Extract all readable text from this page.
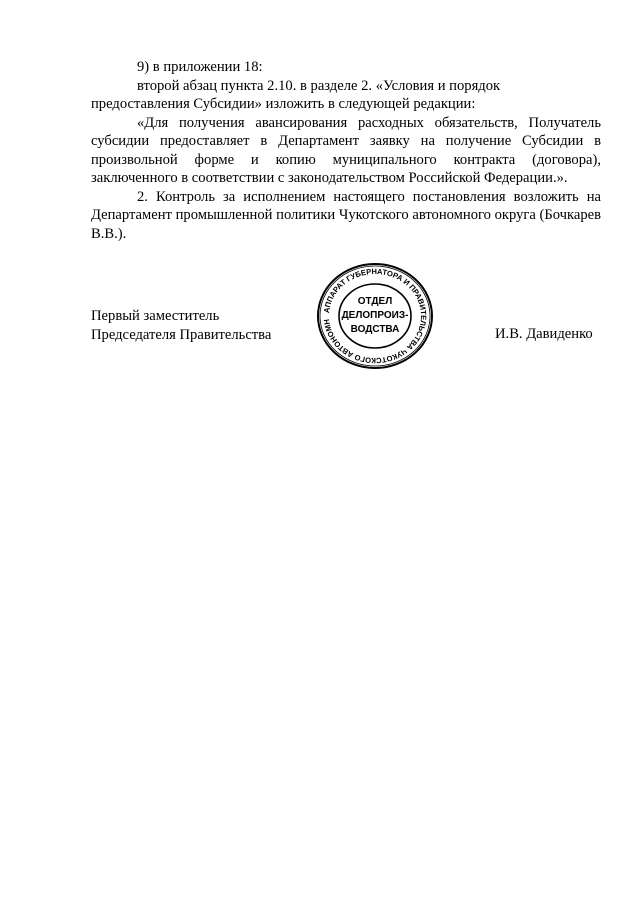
9) в приложении 18:

второй абзац пункта 2.10. в разделе 2. «Условия и порядок

предоставления Субсидии» изложить в следующей редакции:

«Для получения авансирования расходных обязательств, Получатель субсидии предоставляет в Департамент заявку на получение Субсидии в произвольной форме и копию муниципального контракта (договора), заключенного в соответствии с законодательством Российской Федерации.».

2. Контроль за исполнением настоящего постановления возложить на Департамент промышленной политики Чукотского автономного округа (Бочкарев В.В.).

Первый заместитель
Председателя Правительства
АППАРАТ ГУБЕРНАТОРА И ПРАВИТЕЛЬСТВА ЧУКОТСКОГО АВТОНОМН
ОТДЕЛ
ДЕЛОПРОИЗ-
ВОДСТВА	И.В. Давиденко
